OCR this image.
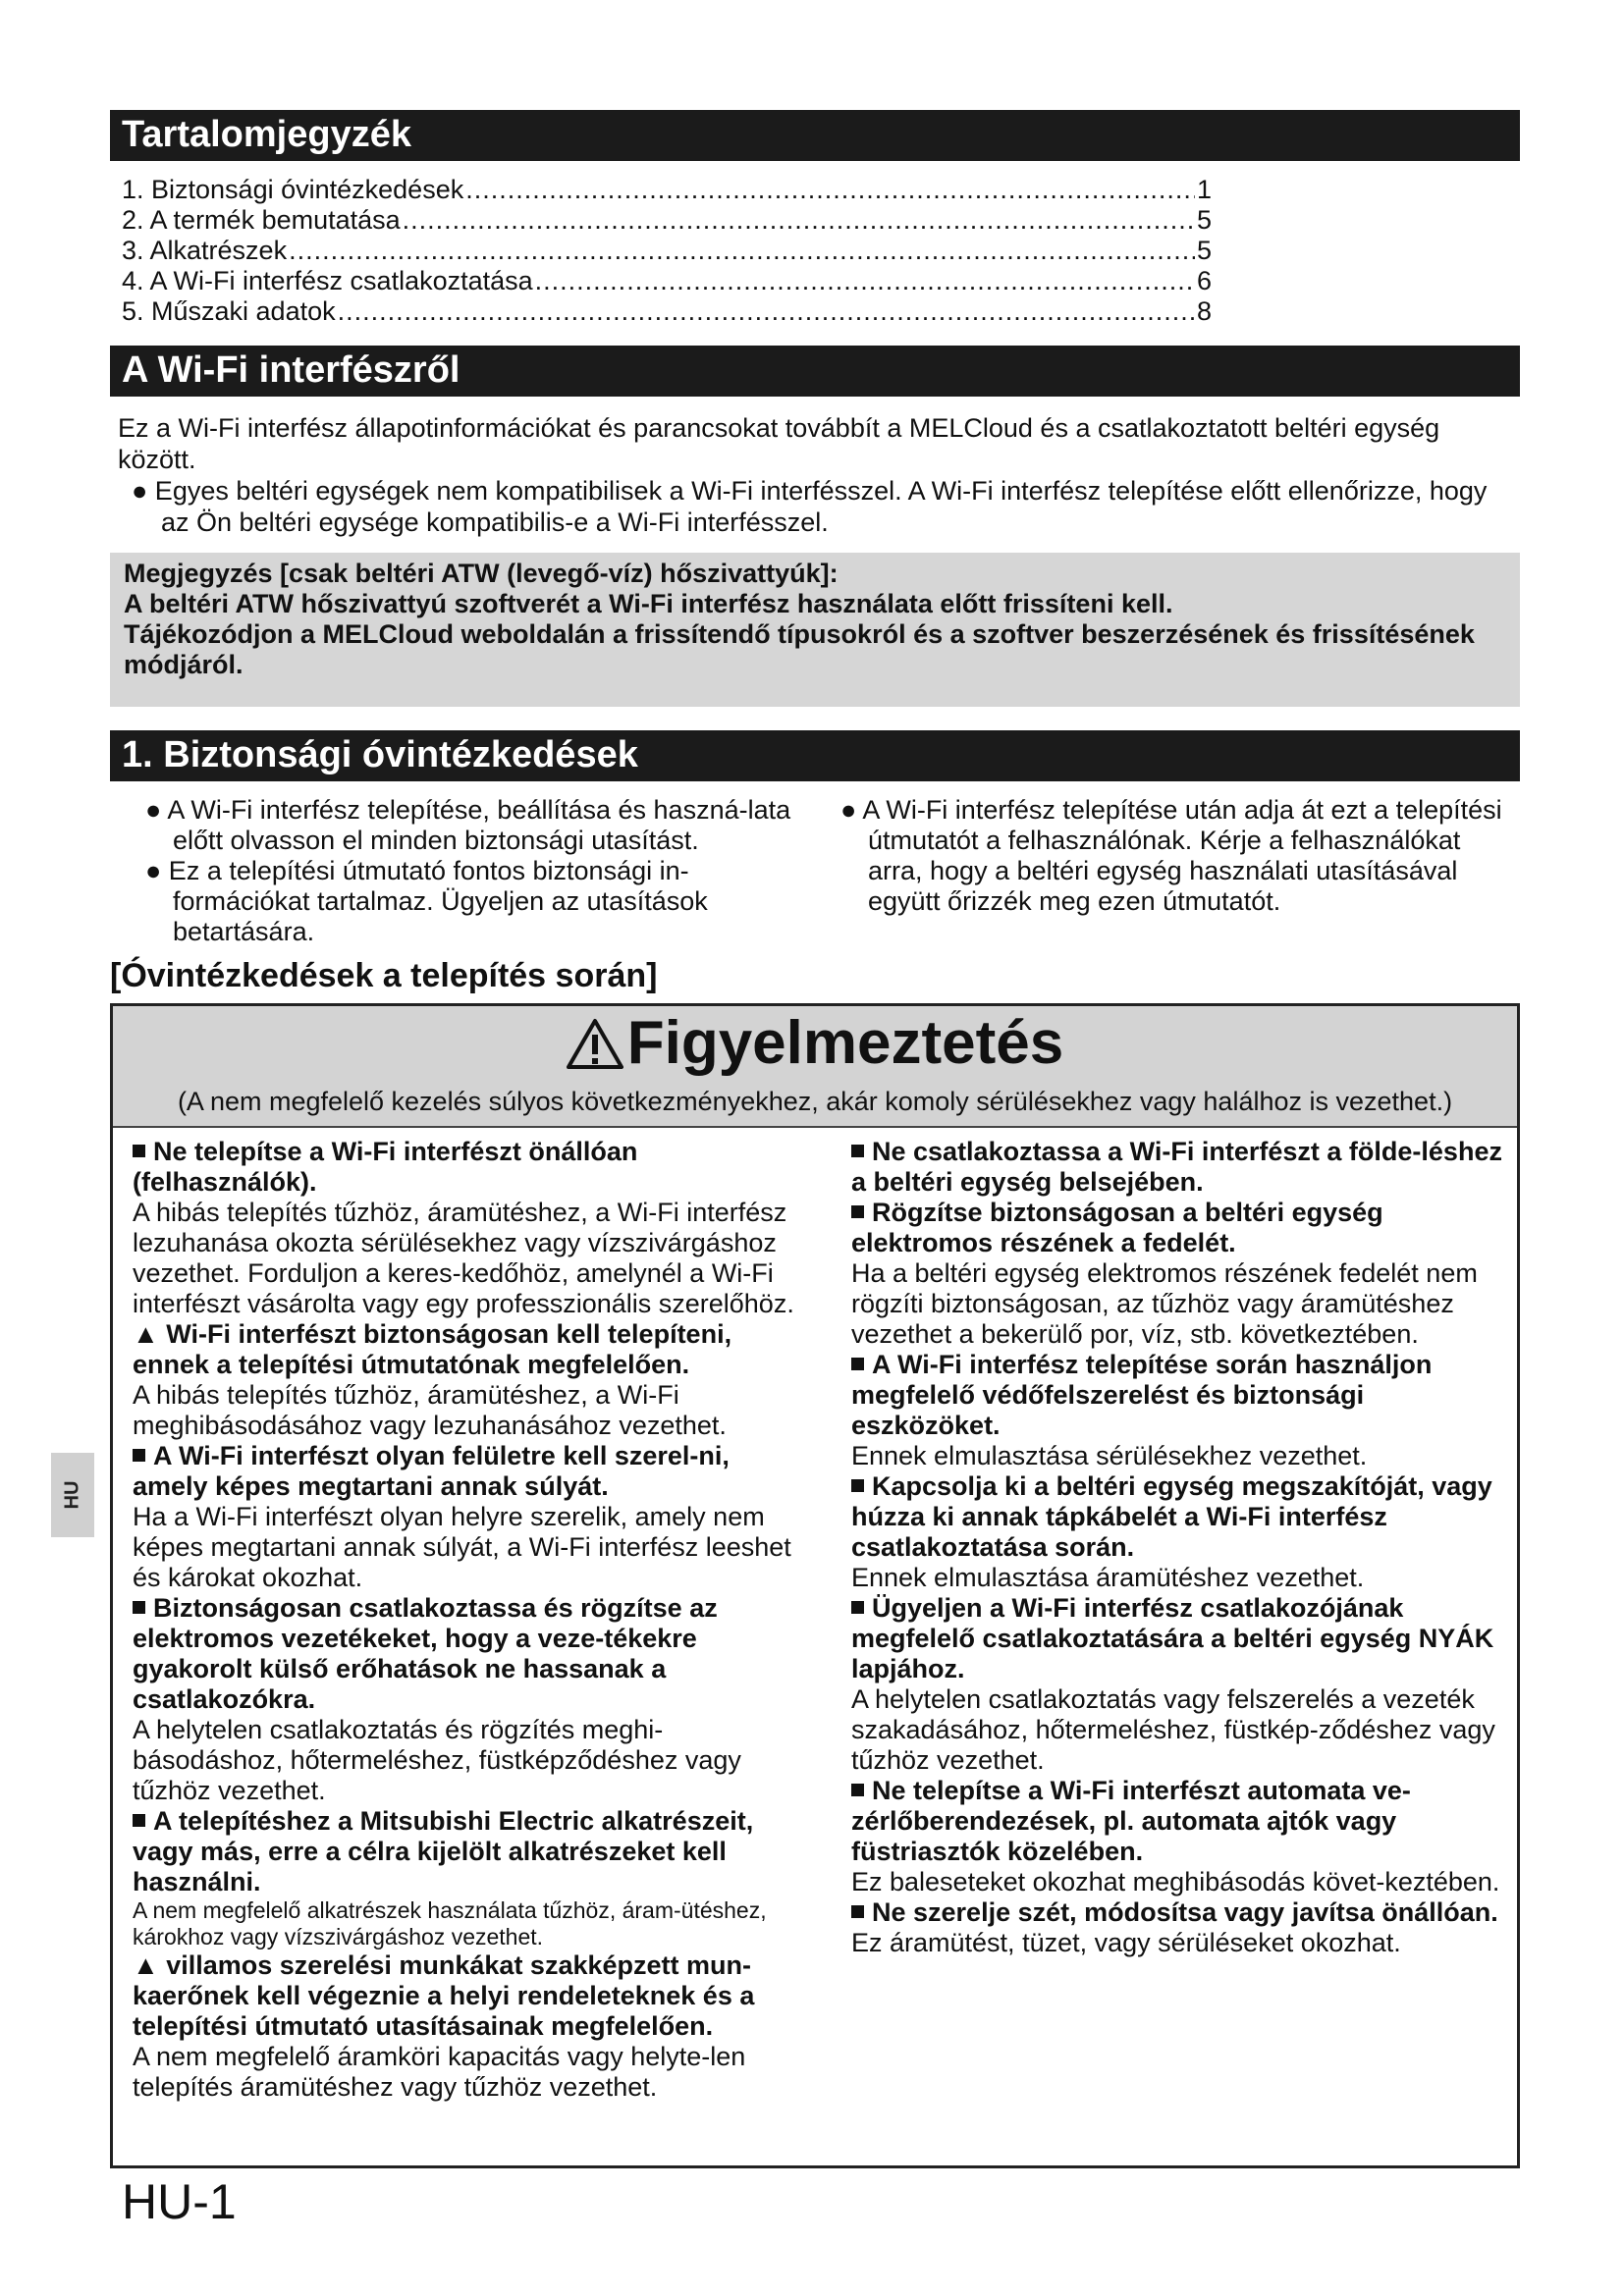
Tartalomjegyzék
1. Biztonsági óvintézkedések .....	1
2. A termék bemutatása .....	5
3. Alkatrészek .....	5
4. A Wi-Fi interfész csatlakoztatása .....	6
5. Műszaki adatok .....	8
A Wi-Fi interfészről

Ez a Wi-Fi interfész állapotinformációkat és parancsokat továbbít a MELCloud és a csatlakoztatott beltéri egység között.

● Egyes beltéri egységek nem kompatibilisek a Wi-Fi interfésszel. A Wi-Fi interfész telepítése előtt ellenőrizze, hogy az Ön beltéri egysége kompatibilis-e a Wi-Fi interfésszel.

Megjegyzés [csak beltéri ATW (levegő-víz) hőszivattyúk]:

A beltéri ATW hőszivattyú szoftverét a Wi-Fi interfész használata előtt frissíteni kell.

Tájékozódjon a MELCloud weboldalán a frissítendő típusokról és a szoftver beszerzésének és frissítésének módjáról.

1. Biztonsági óvintézkedések

● A Wi-Fi interfész telepítése, beállítása és haszná-lata előtt olvasson el minden biztonsági utasítást.

● Ez a telepítési útmutató fontos biztonsági in-formációkat tartalmaz. Ügyeljen az utasítások betartására.

● A Wi-Fi interfész telepítése után adja át ezt a telepítési útmutatót a felhasználónak. Kérje a felhasználókat arra, hogy a beltéri egység használati utasításával együtt őrizzék meg ezen útmutatót.

[Óvintézkedések a telepítés során]
Figyelmeztetés
(A nem megfelelő kezelés súlyos következményekhez, akár komoly sérülésekhez vagy halálhoz is vezethet.)

Ne telepítse a Wi-Fi interfészt önállóan (felhasználók).

A hibás telepítés tűzhöz, áramütéshez, a Wi-Fi interfész lezuhanása okozta sérülésekhez vagy vízszivárgáshoz vezethet. Forduljon a keres-kedőhöz, amelynél a Wi-Fi interfészt vásárolta vagy egy professzionális szerelőhöz.

▲ Wi-Fi interfészt biztonságosan kell telepíteni, ennek a telepítési útmutatónak megfelelően.

A hibás telepítés tűzhöz, áramütéshez, a Wi-Fi meghibásodásához vagy lezuhanásához vezethet.

A Wi-Fi interfészt olyan felületre kell szerel-ni, amely képes megtartani annak súlyát.

Ha a Wi-Fi interfészt olyan helyre szerelik, amely nem képes megtartani annak súlyát, a Wi-Fi interfész leeshet és károkat okozhat.

Biztonságosan csatlakoztassa és rögzítse az elektromos vezetékeket, hogy a veze-tékekre gyakorolt külső erőhatások ne hassanak a csatlakozókra.

A helytelen csatlakoztatás és rögzítés meghi-básodáshoz, hőtermeléshez, füstképződéshez vagy tűzhöz vezethet.

A telepítéshez a Mitsubishi Electric alkatrészeit, vagy más, erre a célra kijelölt alkatrészeket kell használni.

A nem megfelelő alkatrészek használata tűzhöz, áram-ütéshez, károkhoz vagy vízszivárgáshoz vezethet.

▲ villamos szerelési munkákat szakképzett mun-kaerőnek kell végeznie a helyi rendeleteknek és a telepítési útmutató utasításainak megfelelően.

A nem megfelelő áramköri kapacitás vagy helyte-len telepítés áramütéshez vagy tűzhöz vezethet.

Ne csatlakoztassa a Wi-Fi interfészt a földe-léshez a beltéri egység belsejében.

Rögzítse biztonságosan a beltéri egység elektromos részének a fedelét.

Ha a beltéri egység elektromos részének fedelét nem rögzíti biztonságosan, az tűzhöz vagy áramütéshez vezethet a bekerülő por, víz, stb. következtében.

A Wi-Fi interfész telepítése során használjon megfelelő védőfelszerelést és biztonsági eszközöket.

Ennek elmulasztása sérülésekhez vezethet.

Kapcsolja ki a beltéri egység megszakítóját, vagy húzza ki annak tápkábelét a Wi-Fi interfész csatlakoztatása során.

Ennek elmulasztása áramütéshez vezethet.

Ügyeljen a Wi-Fi interfész csatlakozójának megfelelő csatlakoztatására a beltéri egység NYÁK lapjához.

A helytelen csatlakoztatás vagy felszerelés a vezeték szakadásához, hőtermeléshez, füstkép-ződéshez vagy tűzhöz vezethet.

Ne telepítse a Wi-Fi interfészt automata ve-zérlőberendezések, pl. automata ajtók vagy füstriasztók közelében.

Ez baleseteket okozhat meghibásodás követ-keztében.

Ne szerelje szét, módosítsa vagy javítsa önállóan.

Ez áramütést, tüzet, vagy sérüléseket okozhat.

HU
HU-1
